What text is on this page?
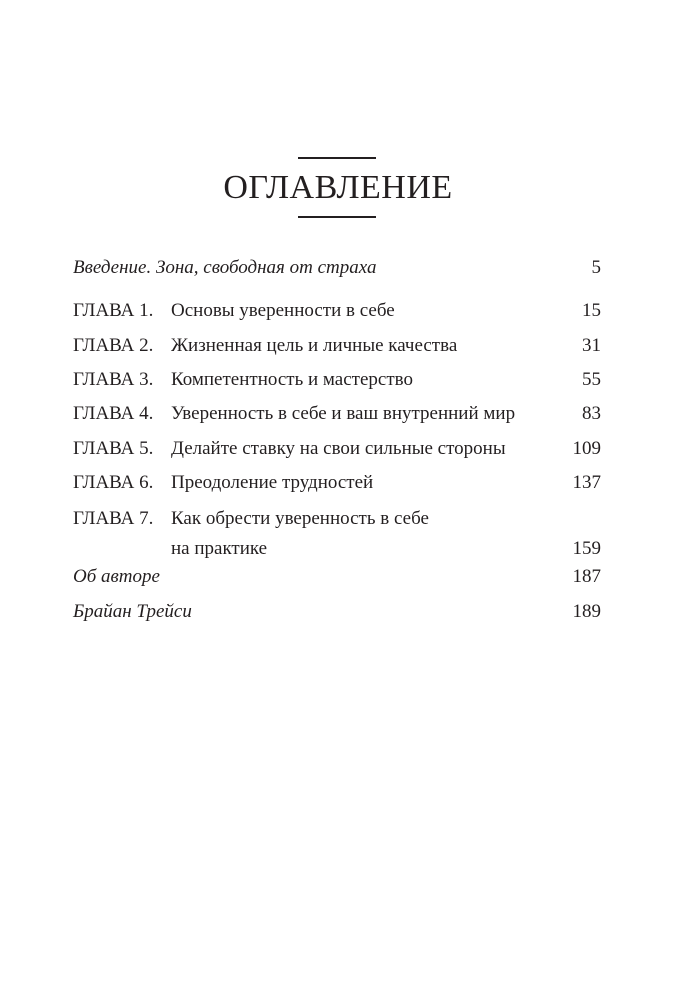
ОГЛАВЛЕНИЕ
Введение. Зона, свободная от страха	5
ГЛАВА 1. Основы уверенности в себе	15
ГЛАВА 2. Жизненная цель и личные качества	31
ГЛАВА 3. Компетентность и мастерство	55
ГЛАВА 4. Уверенность в себе и ваш внутренний мир	83
ГЛАВА 5. Делайте ставку на свои сильные стороны	109
ГЛАВА 6. Преодоление трудностей	137
ГЛАВА 7. Как обрести уверенность в себе
на практике	159
Об авторе	187
Брайан Трейси	189
